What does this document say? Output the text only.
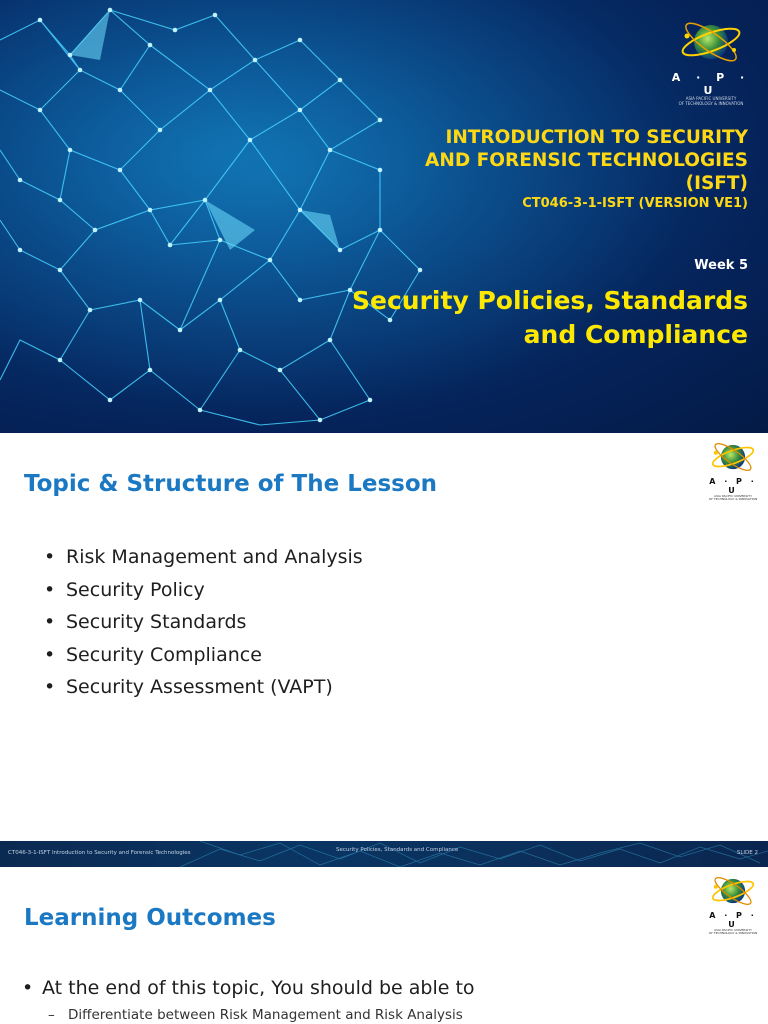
A · P · U
ASIA PACIFIC UNIVERSITY
OF TECHNOLOGY & INNOVATION
INTRODUCTION TO SECURITY
AND FORENSIC TECHNOLOGIES
(ISFT)
CT046-3-1-ISFT (VERSION VE1)
Week 5
Security Policies, Standards
and Compliance
A · P · U
ASIA PACIFIC UNIVERSITY
OF TECHNOLOGY & INNOVATION
Topic & Structure of The Lesson
• Risk Management and Analysis
• Security Policy
• Security Standards
• Security Compliance
• Security Assessment (VAPT)
CT046-3-1-ISFT Introduction to Security and Forensic Technologies	Security Policies, Standards and Compliance	SLIDE 2
A · P · U
ASIA PACIFIC UNIVERSITY
OF TECHNOLOGY & INNOVATION
Learning Outcomes
• At the end of this topic, You should be able to
– Differentiate between Risk Management and Risk Analysis
